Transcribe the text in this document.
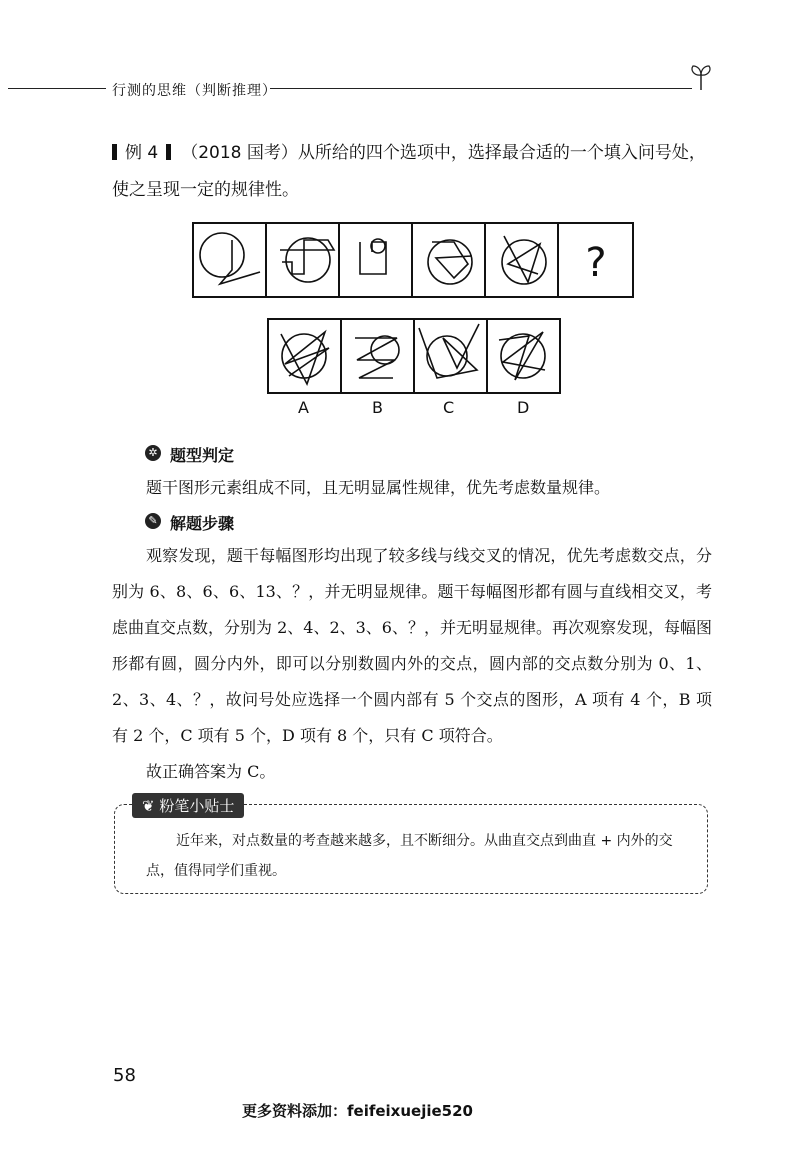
行测的思维（判断推理）
例 4 （2018 国考）从所给的四个选项中，选择最合适的一个填入问号处，
使之呈现一定的规律性。
?
A	B	C	D
✲ 题型判定

题干图形元素组成不同，且无明显属性规律，优先考虑数量规律。

✎ 解题步骤

观察发现，题干每幅图形均出现了较多线与线交叉的情况，优先考虑数交点，分别为 6、8、6、6、13、？，并无明显规律。题干每幅图形都有圆与直线相交叉，考虑曲直交点数，分别为 2、4、2、3、6、？，并无明显规律。再次观察发现，每幅图形都有圆，圆分内外，即可以分别数圆内外的交点，圆内部的交点数分别为 0、1、2、3、4、？，故问号处应选择一个圆内部有 5 个交点的图形，A 项有 4 个，B 项有 2 个，C 项有 5 个，D 项有 8 个，只有 C 项符合。

故正确答案为 C。

❦ 粉笔小贴士
近年来，对点数量的考查越来越多，且不断细分。从曲直交点到曲直 + 内外的交点，值得同学们重视。
58
更多资料添加：feifeixuejie520
